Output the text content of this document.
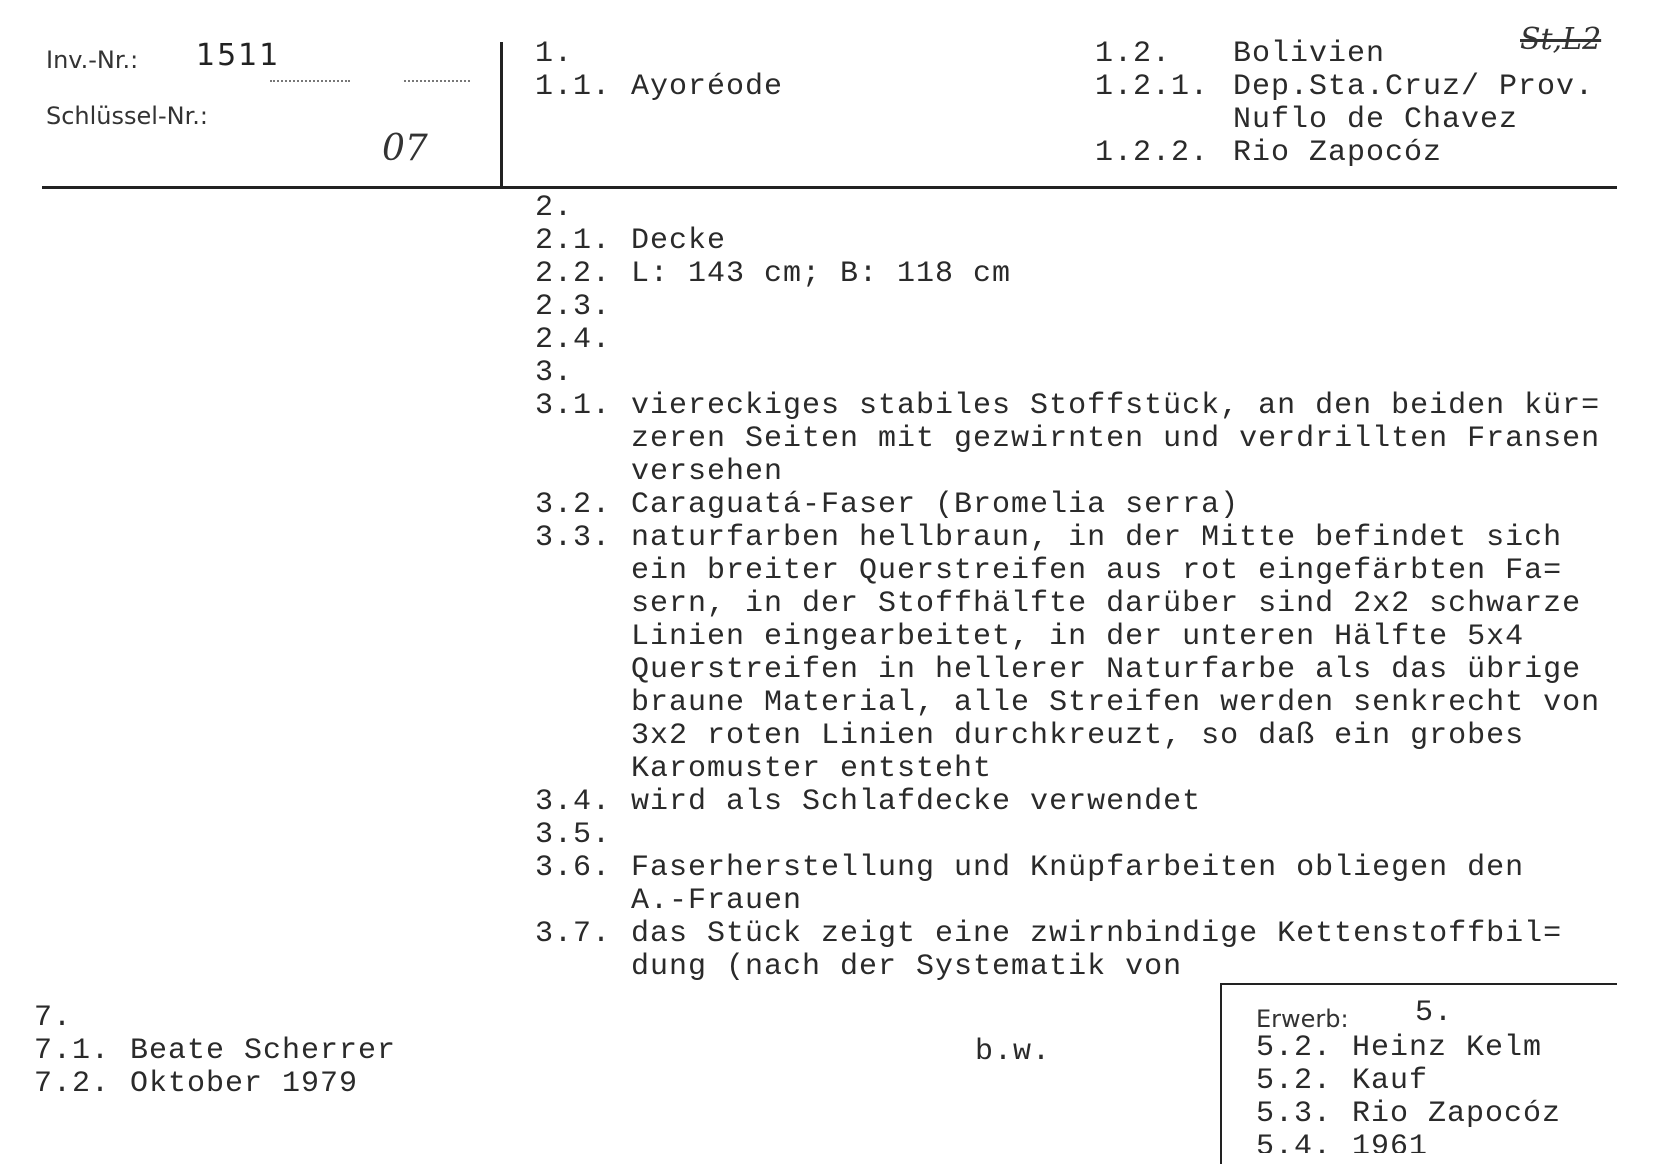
Inv.-Nr.: 1511
Schlüssel-Nr.:
07
1.
1.1. Ayoréode
1.2. Bolivien
1.2.1. Dep.Sta.Cruz/ Prov.
Nuflo de Chavez
1.2.2. Rio Zapocóz
St,L2
2.
2.1. Decke
2.2. L: 143 cm; B: 118 cm
2.3.
2.4.
3.
3.1. viereckiges stabiles Stoffstück, an den beiden kür=
zeren Seiten mit gezwirnten und verdrillten Fransen
versehen
3.2. Caraguatá-Faser (Bromelia serra)
3.3. naturfarben hellbraun, in der Mitte befindet sich
ein breiter Querstreifen aus rot eingefärbten Fa=
sern, in der Stoffhälfte darüber sind 2x2 schwarze
Linien eingearbeitet, in der unteren Hälfte 5x4
Querstreifen in hellerer Naturfarbe als das übrige
braune Material, alle Streifen werden senkrecht von
3x2 roten Linien durchkreuzt, so daß ein grobes
Karomuster entsteht
3.4. wird als Schlafdecke verwendet
3.5.
3.6. Faserherstellung und Knüpfarbeiten obliegen den
A.-Frauen
3.7. das Stück zeigt eine zwirnbindige Kettenstoffbil=
dung (nach der Systematik von
7.
7.1. Beate Scherrer
7.2. Oktober 1979
b.w.
Erwerb: 5.
5.2. Heinz Kelm
5.2. Kauf
5.3. Rio Zapocóz
5.4. 1961
